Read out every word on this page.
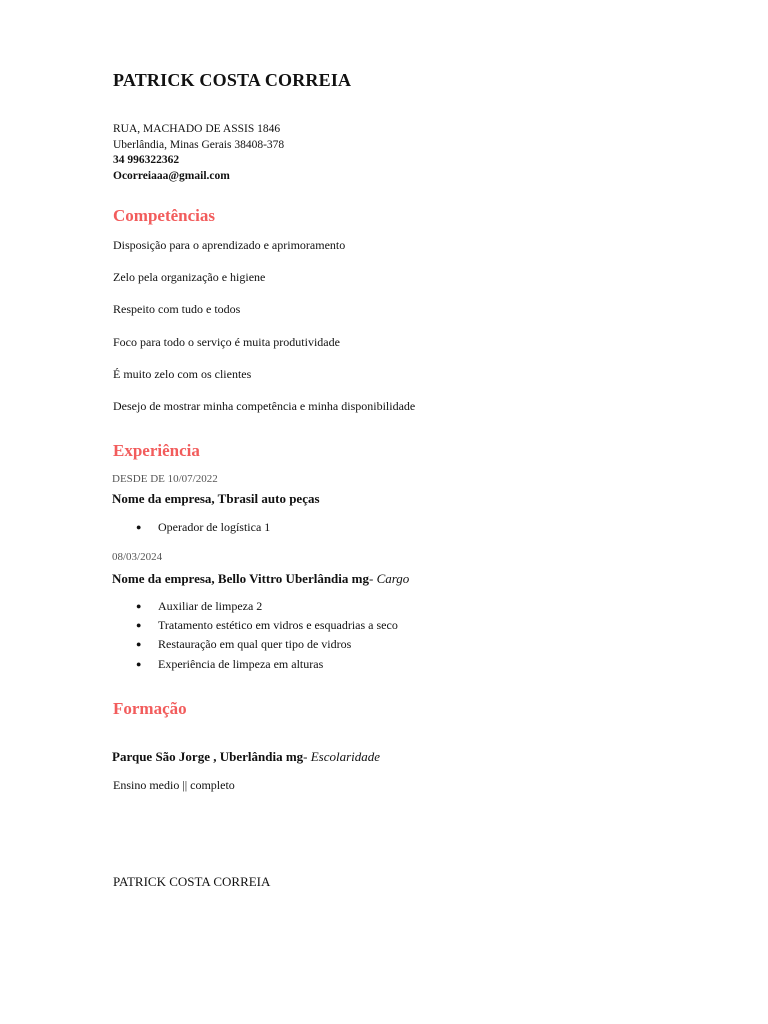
PATRICK COSTA CORREIA
RUA, MACHADO DE ASSIS 1846
Uberlândia, Minas Gerais 38408-378
34 996322362
Ocorreiaaa@gmail.com
Competências
Disposição para o aprendizado e aprimoramento
Zelo pela organização e higiene
Respeito com tudo e todos
Foco para todo o serviço é muita produtividade
É muito zelo com os clientes
Desejo de mostrar minha competência e minha disponibilidade
Experiência
DESDE DE 10/07/2022
Nome da empresa, Tbrasil auto peças
● Operador de logística 1
08/03/2024
Nome da empresa, Bello Vittro Uberlândia mg- Cargo
● Auxiliar de limpeza 2
● Tratamento estético em vidros e esquadrias a seco
● Restauração em qual quer tipo de vidros
● Experiência de limpeza em alturas
Formação
Parque São Jorge , Uberlândia mg- Escolaridade
Ensino medio || completo
PATRICK COSTA CORREIA
